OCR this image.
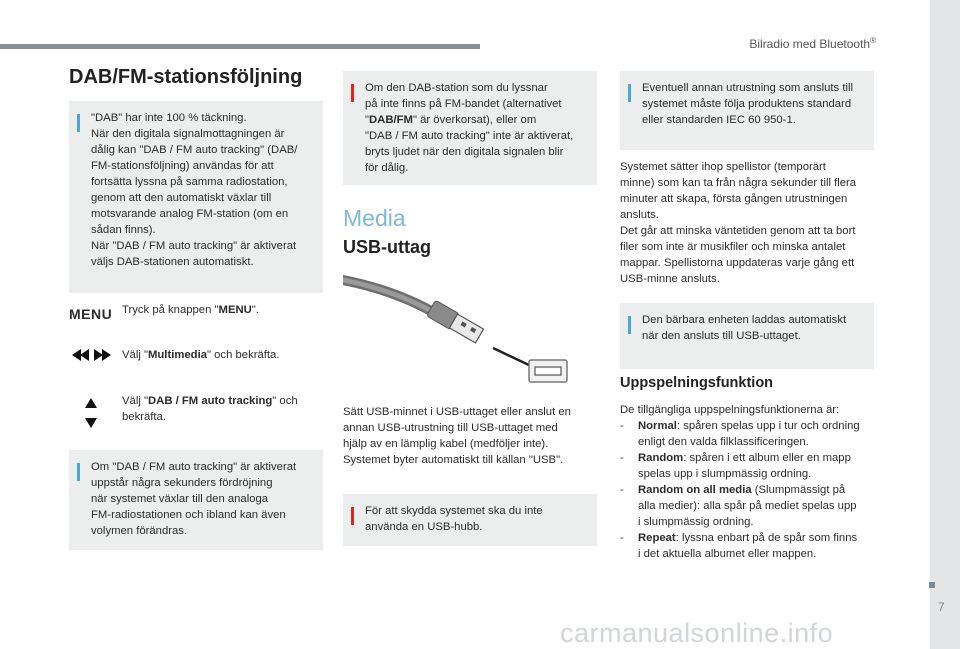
Bilradio med Bluetooth®
7
carmanualsonline.info
DAB/FM-stationsföljning

"DAB" har inte 100 % täckning.
När den digitala signalmottagningen är
dålig kan "DAB / FM auto tracking" (DAB/
FM-stationsföljning) användas för att
fortsätta lyssna på samma radiostation,
genom att den automatiskt växlar till
motsvarande analog FM-station (om en
sådan finns).
När "DAB / FM auto tracking" är aktiverat
väljs DAB-stationen automatiskt.

MENU Tryck på knappen "MENU".
Välj "Multimedia" och bekräfta.
Välj "DAB / FM auto tracking" och
bekräfta.

Om "DAB / FM auto tracking" är aktiverat
uppstår några sekunders fördröjning
när systemet växlar till den analoga
FM-radiostationen och ibland kan även
volymen förändras.

Om den DAB-station som du lyssnar
på inte finns på FM-bandet (alternativet
"DAB/FM" är överkorsat), eller om
"DAB / FM auto tracking" inte är aktiverat,
bryts ljudet när den digitala signalen blir
för dålig.

Media
USB-uttag
Sätt USB-minnet i USB-uttaget eller anslut en
annan USB-utrustning till USB-uttaget med
hjälp av en lämplig kabel (medföljer inte).
Systemet byter automatiskt till källan "USB".

För att skydda systemet ska du inte
använda en USB-hubb.

Eventuell annan utrustning som ansluts till
systemet måste följa produktens standard
eller standarden IEC 60 950-1.

Systemet sätter ihop spellistor (temporärt
minne) som kan ta från några sekunder till flera
minuter att skapa, första gången utrustningen
ansluts.
Det går att minska väntetiden genom att ta bort
filer som inte är musikfiler och minska antalet
mappar. Spellistorna uppdateras varje gång ett
USB-minne ansluts.

Den bärbara enheten laddas automatiskt
när den ansluts till USB-uttaget.

Uppspelningsfunktion
De tillgängliga uppspelningsfunktionerna är:
- Normal: spåren spelas upp i tur och ordning
enligt den valda filklassificeringen.
- Random: spåren i ett album eller en mapp
spelas upp i slumpmässig ordning.
- Random on all media (Slumpmässigt på
alla medier): alla spår på mediet spelas upp
i slumpmässig ordning.
- Repeat: lyssna enbart på de spår som finns
i det aktuella albumet eller mappen.
